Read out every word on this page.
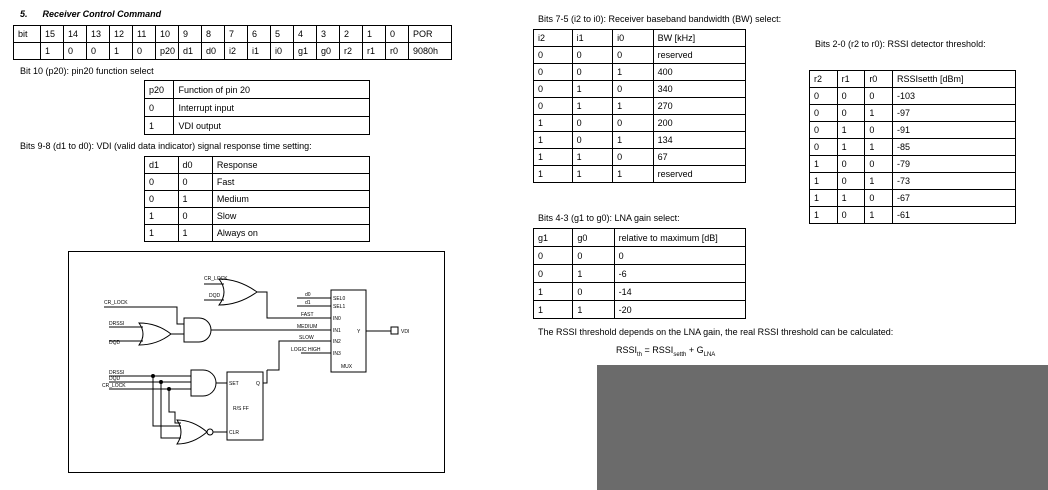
5. Receiver Control Command
bit	15	14	13	12	11	10	9	8	7	6	5	4	3	2	1	0	POR
	1	0	0	1	0	p20	d1	d0	i2	i1	i0	g1	g0	r2	r1	r0	9080h
Bit 10 (p20): pin20 function select
p20	Function of pin 20
0	Interrupt input
1	VDI output
Bits 9-8 (d1 to d0): VDI (valid data indicator) signal response time setting:
d1	d0	Response
0	0	Fast
0	1	Medium
1	0	Slow
1	1	Always on
CR_LOCK
DQD
CR_LOCK
DRSSI
DQD
DRSSI
DQD
CR_LOCK
d0
d1
FAST
MEDIUM
SLOW
LOGIC HIGH
SEL0
SEL1
IN0
IN1
IN2
IN3
Y
MUX
VDI
SET	Q
R/S FF
CLR
Bits 7-5 (i2 to i0): Receiver baseband bandwidth (BW) select:
i2	i1	i0	BW [kHz]
0	0	0	reserved
0	0	1	400
0	1	0	340
0	1	1	270
1	0	0	200
1	0	1	134
1	1	0	67
1	1	1	reserved
Bits 2-0 (r2 to r0): RSSI detector threshold:
r2	r1	r0	RSSIsetth [dBm]
0	0	0	-103
0	0	1	-97
0	1	0	-91
0	1	1	-85
1	0	0	-79
1	0	1	-73
1	1	0	-67
1	0	1	-61
Bits 4-3 (g1 to g0): LNA gain select:
g1	g0	relative to maximum [dB]
0	0	0
0	1	-6
1	0	-14
1	1	-20
The RSSI threshold depends on the LNA gain, the real RSSI threshold can be calculated:
$RSSI_{th}$ = $RSSI_{setth} + G_{LNA}$
